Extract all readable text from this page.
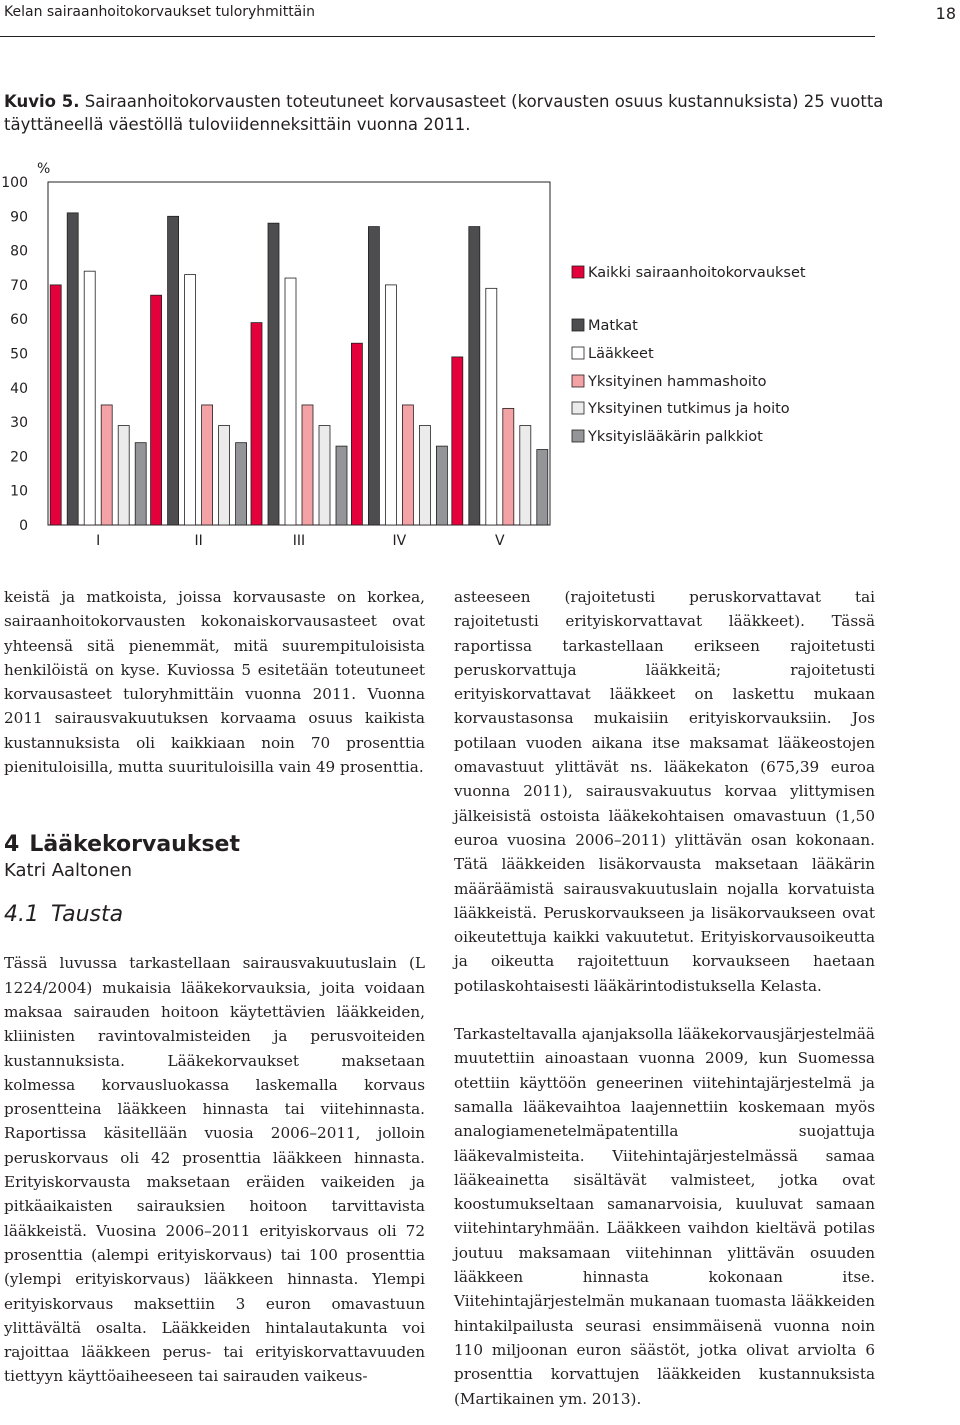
Kelan sairaanhoitokorvaukset tuloryhmittäin	18
Kuvio 5. Sairaanhoitokorvausten toteutuneet korvausasteet (korvausten osuus kustannuksista) 25 vuotta täyttäneellä väestöllä tuloviidenneksittäin vuonna 2011.
0
10
20
30
40
50
60
70
80
90
100
%
I	II	III	IV	V
Kaikki sairaanhoitokorvaukset
Matkat
Lääkkeet
Yksityinen hammashoito
Yksityinen tutkimus ja hoito
Yksityislääkärin palkkiot

keistä ja matkoista, joissa korvausaste on korkea, sairaanhoitokorvausten kokonaiskorvausasteet ovat yhteensä sitä pienemmät, mitä suurempituloisista henkilöistä on kyse. Kuviossa 5 esitetään toteutuneet korvausasteet tuloryhmittäin vuonna 2011. Vuonna 2011 sairausvakuutuksen korvaama osuus kaikista kustannuksista oli kaikkiaan noin 70 prosenttia pienituloisilla, mutta suurituloisilla vain 49 prosenttia.

4 Lääkekorvaukset
Katri Aaltonen
4.1 Tausta

Tässä luvussa tarkastellaan sairausvakuutuslain (L 1224/2004) mukaisia lääkekorvauksia, joita voidaan maksaa sairauden hoitoon käytettävien lääkkeiden, kliinisten ravintovalmisteiden ja perusvoiteiden kustannuksista. Lääkekorvaukset maksetaan kolmessa korvausluokassa laskemalla korvaus prosentteina lääkkeen hinnasta tai viitehinnasta. Raportissa käsitellään vuosia 2006–2011, jolloin peruskorvaus oli 42 prosenttia lääkkeen hinnasta. Erityiskorvausta maksetaan eräiden vaikeiden ja pitkäaikaisten sairauksien hoitoon tarvittavista lääkkeistä. Vuosina 2006–2011 erityiskorvaus oli 72 prosenttia (alempi erityiskorvaus) tai 100 prosenttia (ylempi erityiskorvaus) lääkkeen hinnasta. Ylempi erityiskorvaus maksettiin 3 euron omavastuun ylittävältä osalta. Lääkkeiden hintalautakunta voi rajoittaa lääkkeen perus- tai erityiskorvattavuuden tiettyyn käyttöaiheeseen tai sairauden vaikeus-

asteeseen (rajoitetusti peruskorvattavat tai rajoitetusti erityiskorvattavat lääkkeet). Tässä raportissa tarkastellaan erikseen rajoitetusti peruskorvattuja lääkkeitä; rajoitetusti erityiskorvattavat lääkkeet on laskettu mukaan korvaustasonsa mukaisiin erityiskorvauksiin. Jos potilaan vuoden aikana itse maksamat lääkeostojen omavastuut ylittävät ns. lääkekaton (675,39 euroa vuonna 2011), sairausvakuutus korvaa ylittymisen jälkeisistä ostoista lääkekohtaisen omavastuun (1,50 euroa vuosina 2006–2011) ylittävän osan kokonaan. Tätä lääkkeiden lisäkorvausta maksetaan lääkärin määräämistä sairausvakuutuslain nojalla korvatuista lääkkeistä. Peruskorvaukseen ja lisäkorvaukseen ovat oikeutettuja kaikki vakuutetut. Erityiskorvausoikeutta ja oikeutta rajoitettuun korvaukseen haetaan potilaskohtaisesti lääkärintodistuksella Kelasta.

Tarkasteltavalla ajanjaksolla lääkekorvausjärjestelmää muutettiin ainoastaan vuonna 2009, kun Suomessa otettiin käyttöön geneerinen viitehintajärjestelmä ja samalla lääkevaihtoa laajennettiin koskemaan myös analogiamenetelmäpatentilla suojattuja lääkevalmisteita. Viitehintajärjestelmässä samaa lääkeainetta sisältävät valmisteet, jotka ovat koostumukseltaan samanarvoisia, kuuluvat samaan viitehintaryhmään. Lääkkeen vaihdon kieltävä potilas joutuu maksamaan viitehinnan ylittävän osuuden lääkkeen hinnasta kokonaan itse. Viitehintajärjestelmän mukanaan tuomasta lääkkeiden hintakilpailusta seurasi ensimmäisenä vuonna noin 110 miljoonan euron säästöt, jotka olivat arviolta 6 prosenttia korvattujen lääkkeiden kustannuksista (Martikainen ym. 2013).
